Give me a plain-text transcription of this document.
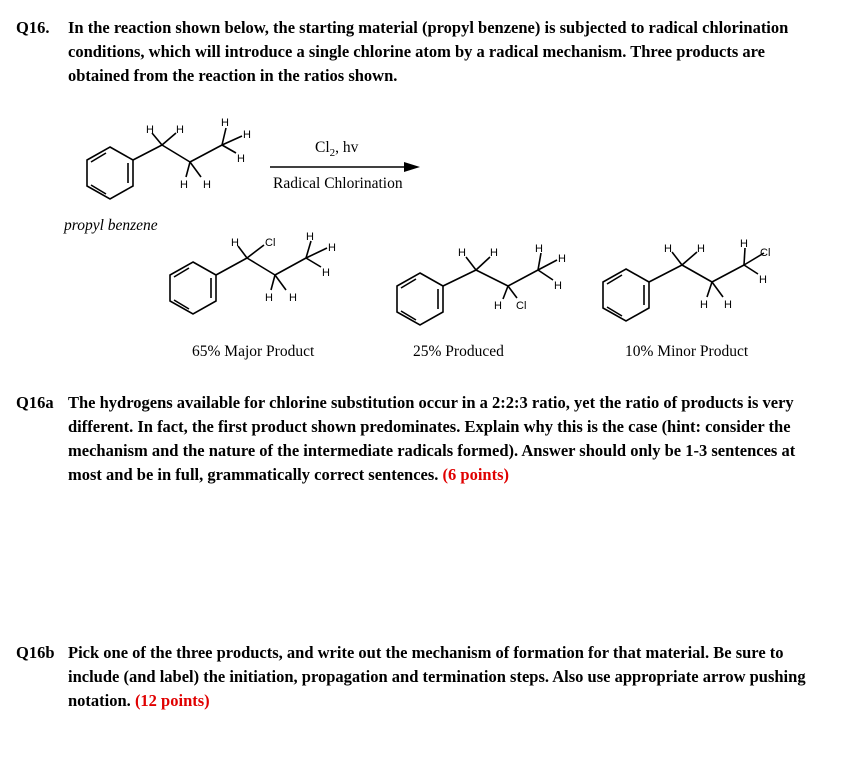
Q16. In the reaction shown below, the starting material (propyl benzene) is subjected to radical chlorination conditions, which will introduce a single chlorine atom by a radical mechanism. Three products are obtained from the reaction in the ratios shown.
H H
H H
H
H
H
H Cl
H H
H
H
H
H H
H Cl
H
H
H
H H
H H
H
Cl
H
$Cl_2$, hv
Radical Chlorination
propyl benzene
65% Major Product	25% Produced	10% Minor Product
Q16a The hydrogens available for chlorine substitution occur in a 2:2:3 ratio, yet the ratio of products is very different. In fact, the first product shown predominates. Explain why this is the case (hint: consider the mechanism and the nature of the intermediate radicals formed). Answer should only be 1-3 sentences at most and be in full, grammatically correct sentences. (6 points)
Q16b Pick one of the three products, and write out the mechanism of formation for that material. Be sure to include (and label) the initiation, propagation and termination steps. Also use appropriate arrow pushing notation. (12 points)
